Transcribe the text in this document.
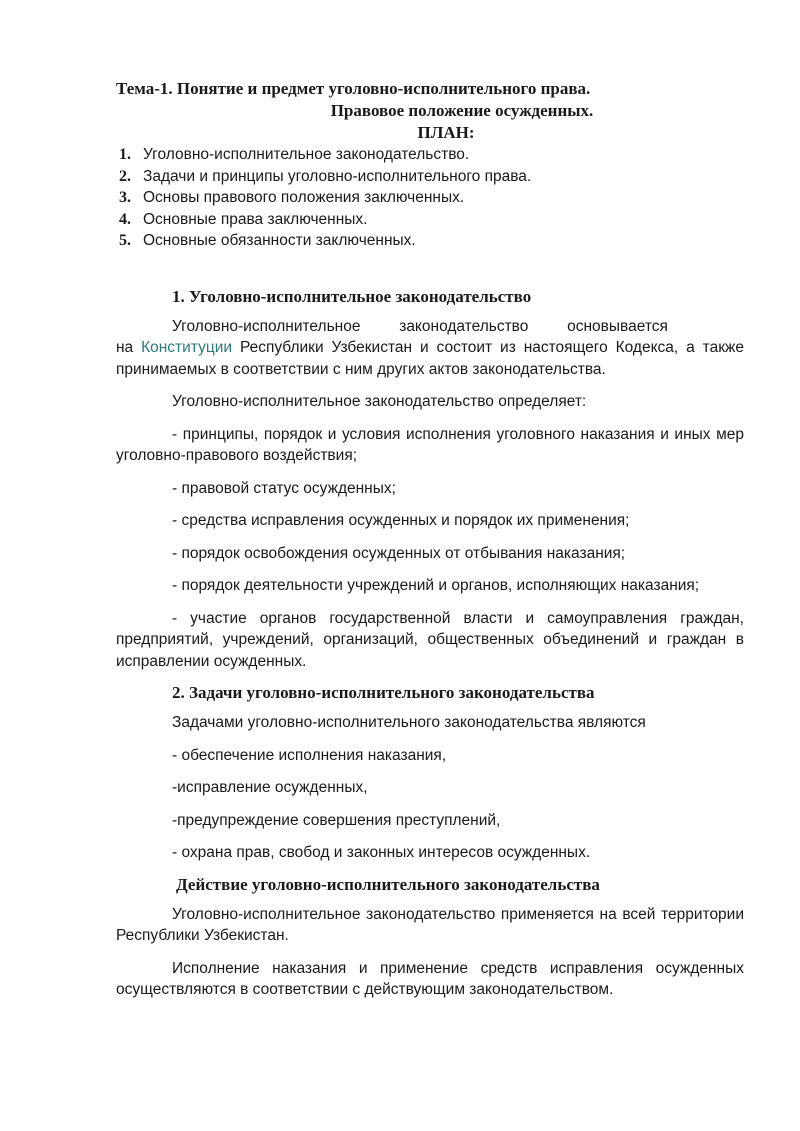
Тема-1. Понятие и предмет уголовно-исполнительного права.
Правовое положение осужденных.
ПЛАН:
1. Уголовно-исполнительное законодательство.
2. Задачи и принципы уголовно-исполнительного права.
3. Основы правового положения заключенных.
4. Основные права заключенных.
5. Основные обязанности заключенных.
1. Уголовно-исполнительное законодательство

Уголовно-исполнительное         законодательство         основывается
на Конституции Республики Узбекистан и состоит из настоящего Кодекса, а также принимаемых в соответствии с ним других актов законодательства.

Уголовно-исполнительное законодательство определяет:

- принципы, порядок и условия исполнения уголовного наказания и иных мер уголовно-правового воздействия;

- правовой статус осужденных;

- средства исправления осужденных и порядок их применения;

- порядок освобождения осужденных от отбывания наказания;

- порядок деятельности учреждений и органов, исполняющих наказания;

- участие органов государственной власти и самоуправления граждан, предприятий, учреждений, организаций, общественных объединений и граждан в исправлении осужденных.

2. Задачи уголовно-исполнительного законодательства

Задачами уголовно-исполнительного законодательства являются

- обеспечение исполнения наказания,

-исправление осужденных,

-предупреждение совершения преступлений,

- охрана прав, свобод и законных интересов осужденных.

Действие уголовно-исполнительного законодательства

Уголовно-исполнительное законодательство применяется на всей территории Республики Узбекистан.

Исполнение наказания и применение средств исправления осужденных осуществляются в соответствии с действующим законодательством.
